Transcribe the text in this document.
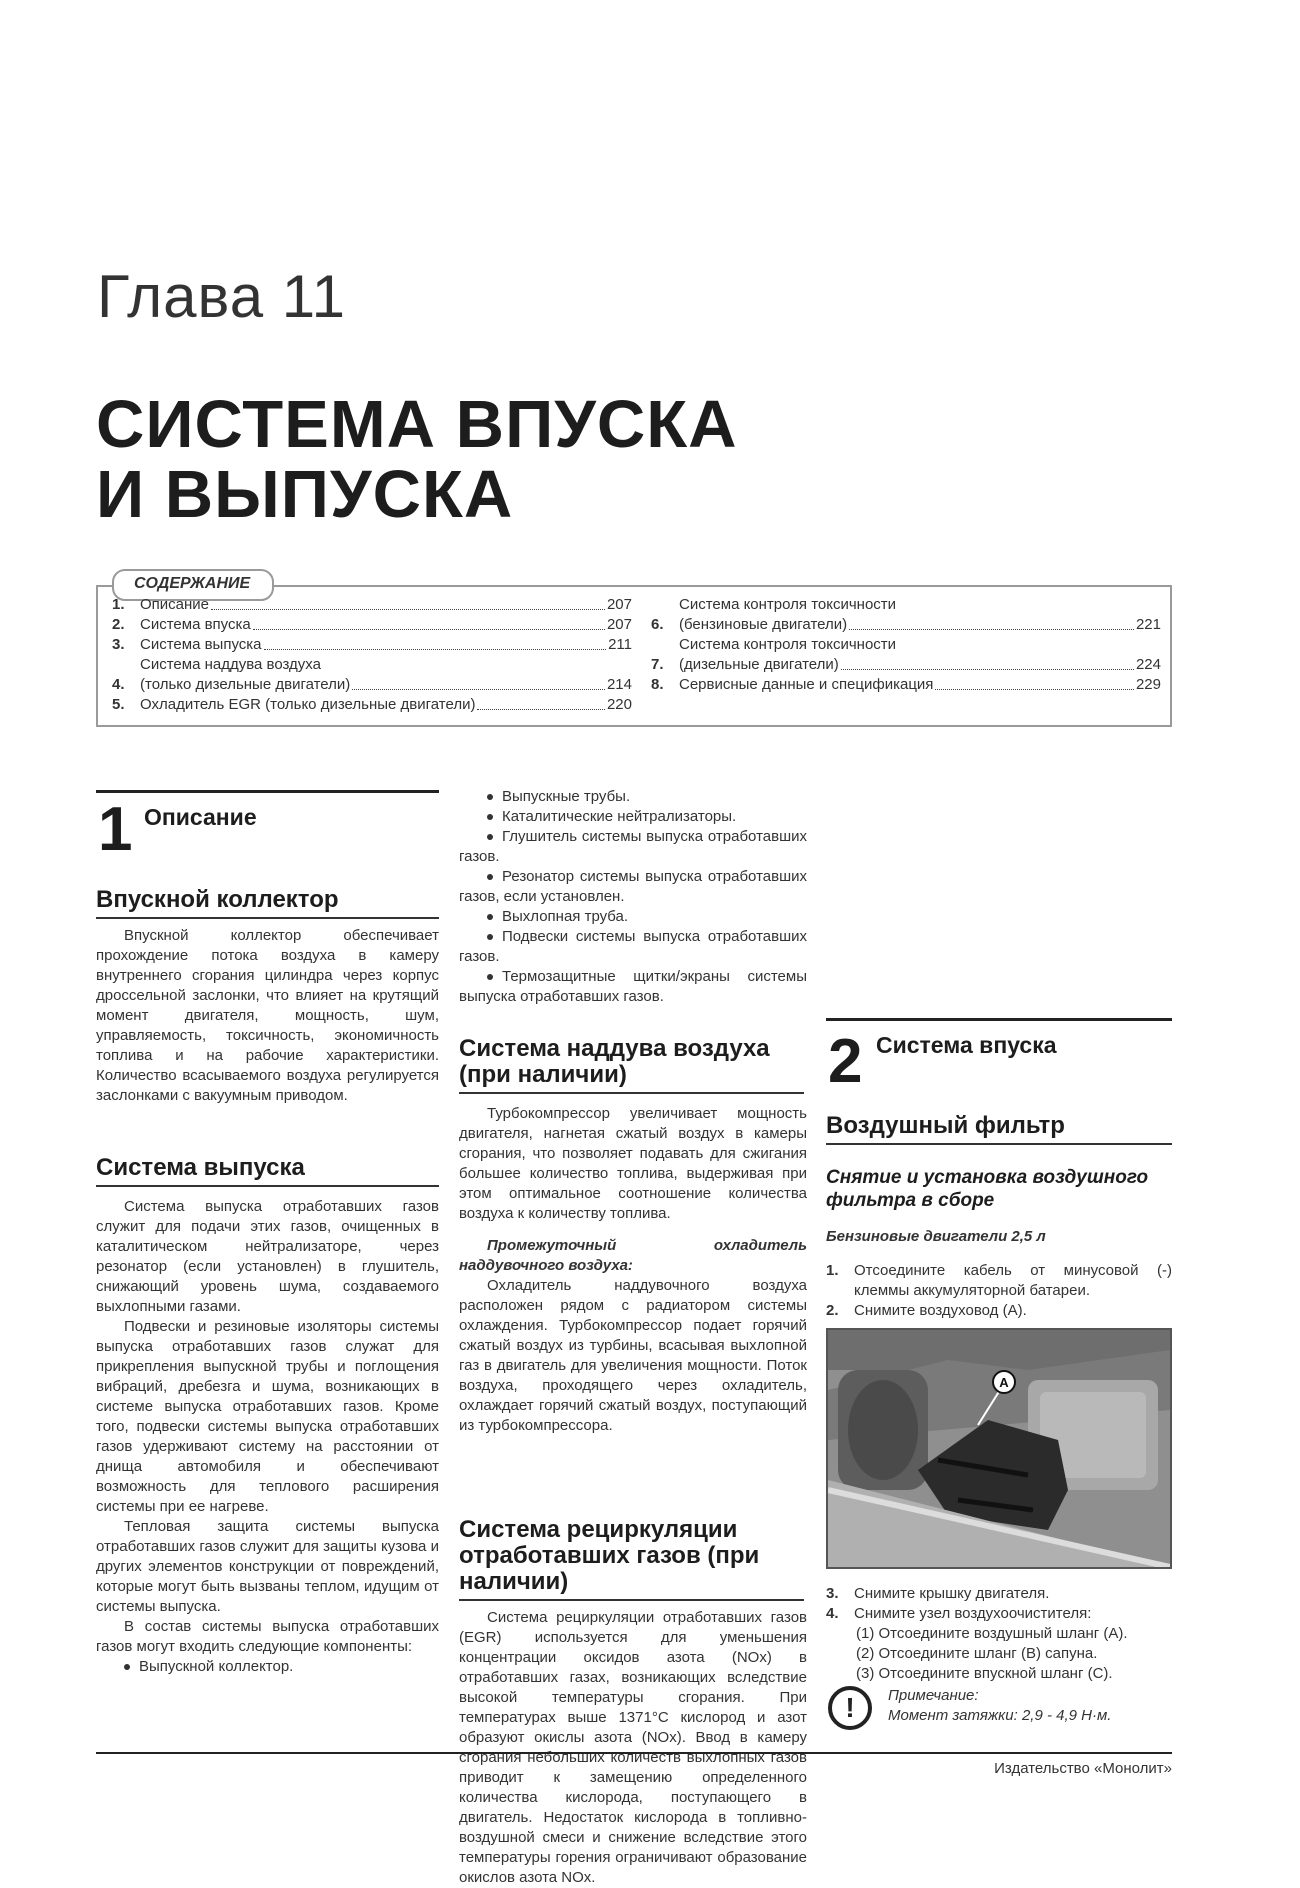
Глава 11
СИСТЕМА ВПУСКА
И ВЫПУСКА
СОДЕРЖАНИЕ
1.	Описание	207
2.	Система впуска	207
3.	Система выпуска	211
4.
Система наддува воздуха
(только дизельные двигатели)	214
5.	Охладитель EGR (только дизельные двигатели)	220
6.
Система контроля токсичности
(бензиновые двигатели)	221
7.
Система контроля токсичности
(дизельные двигатели)	224
8.	Сервисные данные и спецификация	229
1 Описание
Впускной коллектор

Впускной коллектор обеспечивает прохождение потока воздуха в камеру внутреннего сгорания цилиндра через корпус дроссельной заслонки, что влияет на крутящий момент двигателя, мощность, шум, управляемость, токсичность, экономичность топлива и на рабочие характеристики. Количество всасываемого воздуха регулируется заслонками с вакуумным приводом.

Система выпуска

Система выпуска отработавших газов служит для подачи этих газов, очищенных в каталитическом нейтрализаторе, через резонатор (если установлен) в глушитель, снижающий уровень шума, создаваемого выхлопными газами.

Подвески и резиновые изоляторы системы выпуска отработавших газов служат для прикрепления выпускной трубы и поглощения вибраций, дребезга и шума, возникающих в системе выпуска отработавших газов. Кроме того, подвески системы выпуска отработавших газов удерживают систему на расстоянии от днища автомобиля и обеспечивают возможность для теплового расширения системы при ее нагреве.

Тепловая защита системы выпуска отработавших газов служит для защиты кузова и других элементов конструкции от повреждений, которые могут быть вызваны теплом, идущим от системы выпуска.

В состав системы выпуска отработавших газов могут входить следующие компоненты:

Выпускной коллектор.
Выпускные трубы.
Каталитические нейтрализаторы.
Глушитель системы выпуска отработавших газов.
Резонатор системы выпуска отработавших газов, если установлен.
Выхлопная труба.
Подвески системы выпуска отработавших газов.
Термозащитные щитки/экраны системы выпуска отработавших газов.
Система наддува воздуха (при наличии)

Турбокомпрессор увеличивает мощность двигателя, нагнетая сжатый воздух в камеры сгорания, что позволяет подавать для сжигания большее количество топлива, выдерживая при этом оптимальное соотношение количества воздуха к количеству топлива.

Промежуточный охладитель наддувочного воздуха:

Охладитель наддувочного воздуха расположен рядом с радиатором системы охлаждения. Турбокомпрессор подает горячий сжатый воздух из турбины, всасывая выхлопной газ в двигатель для увеличения мощности. Поток воздуха, проходящего через охладитель, охлаждает горячий сжатый воздух, поступающий из турбокомпрессора.

Система рециркуляции отработавших газов (при наличии)

Система рециркуляции отработавших газов (EGR) используется для уменьшения концентрации оксидов азота (NOx) в отработавших газах, возникающих вследствие высокой температуры сгорания. При температурах выше 1371°С кислород и азот образуют окислы азота (NOx). Ввод в камеру сгорания небольших количеств выхлопных газов приводит к замещению определенного количества кислорода, поступающего в двигатель. Недостаток кислорода в топливно-воздушной смеси и снижение вследствие этого температуры горения ограничивают образование окислов азота NOx.

2 Система впуска
Воздушный фильтр
Снятие и установка воздушного фильтра в сборе
Бензиновые двигатели 2,5 л
1. Отсоедините кабель от минусовой (-) клеммы аккумуляторной батареи.
2. Снимите воздуховод (А).
A
3. Снимите крышку двигателя.
4. Снимите узел воздухоочистителя:
(1) Отсоедините воздушный шланг (А).
(2) Отсоедините шланг (В) сапуна.
(3) Отсоедините впускной шланг (С).
!	Примечание:
Момент затяжки: 2,9 - 4,9 Н·м.
Издательство «Монолит»
